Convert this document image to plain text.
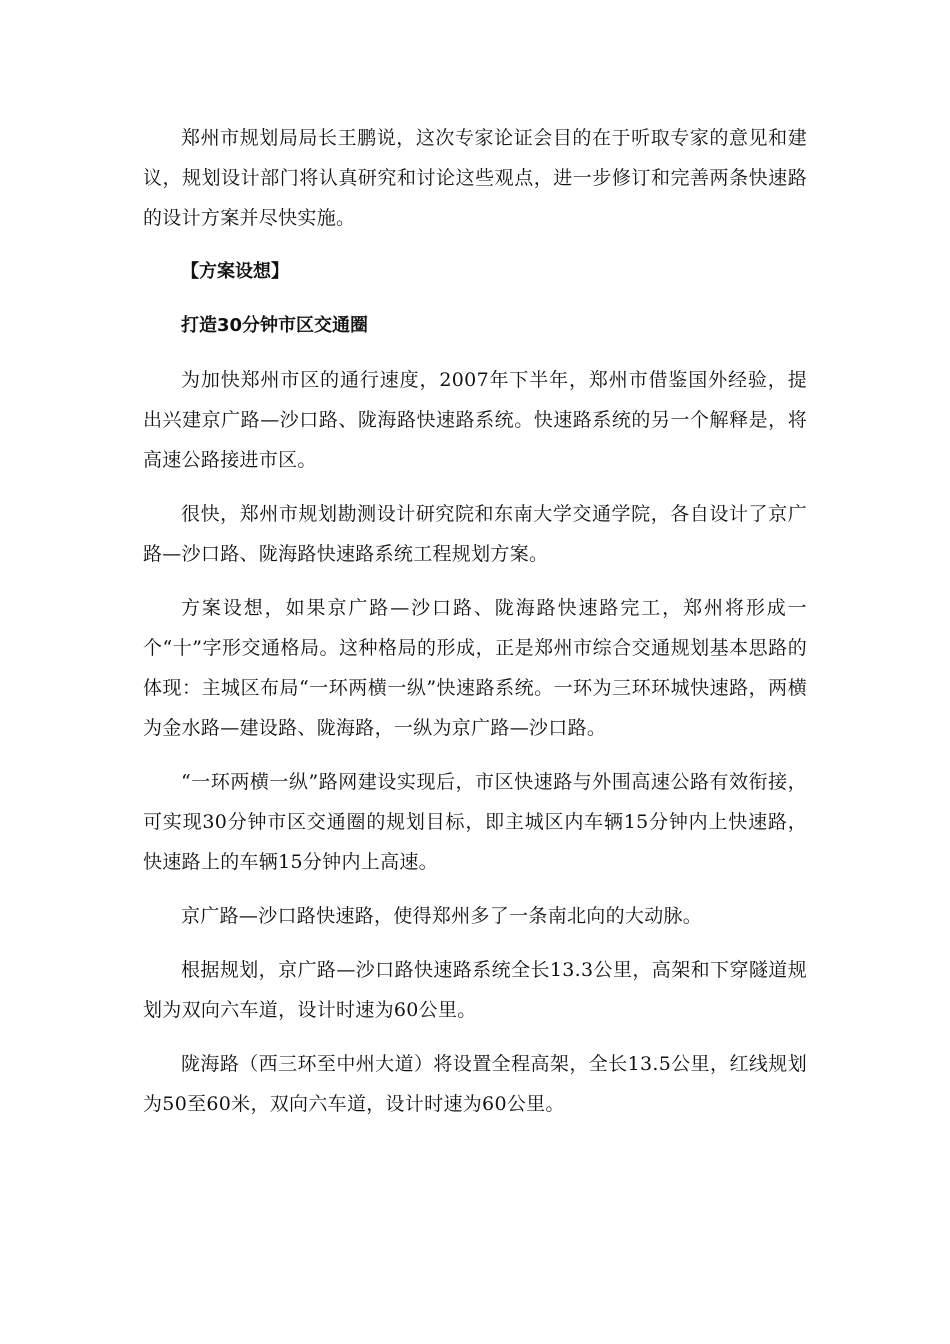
郑州市规划局局长王鹏说，这次专家论证会目的在于听取专家的意见和建议，规划设计部门将认真研究和讨论这些观点，进一步修订和完善两条快速路的设计方案并尽快实施。

【方案设想】

打造30分钟市区交通圈

为加快郑州市区的通行速度，2007年下半年，郑州市借鉴国外经验，提出兴建京广路—沙口路、陇海路快速路系统。快速路系统的另一个解释是，将高速公路接进市区。

很快，郑州市规划勘测设计研究院和东南大学交通学院，各自设计了京广路—沙口路、陇海路快速路系统工程规划方案。

方案设想，如果京广路—沙口路、陇海路快速路完工，郑州将形成一个“十”字形交通格局。这种格局的形成，正是郑州市综合交通规划基本思路的体现：主城区布局“一环两横一纵”快速路系统。一环为三环环城快速路，两横为金水路—建设路、陇海路，一纵为京广路—沙口路。

“一环两横一纵”路网建设实现后，市区快速路与外围高速公路有效衔接，可实现30分钟市区交通圈的规划目标，即主城区内车辆15分钟内上快速路，快速路上的车辆15分钟内上高速。

京广路—沙口路快速路，使得郑州多了一条南北向的大动脉。

根据规划，京广路—沙口路快速路系统全长13.3公里，高架和下穿隧道规划为双向六车道，设计时速为60公里。

陇海路（西三环至中州大道）将设置全程高架，全长13.5公里，红线规划为50至60米，双向六车道，设计时速为60公里。
